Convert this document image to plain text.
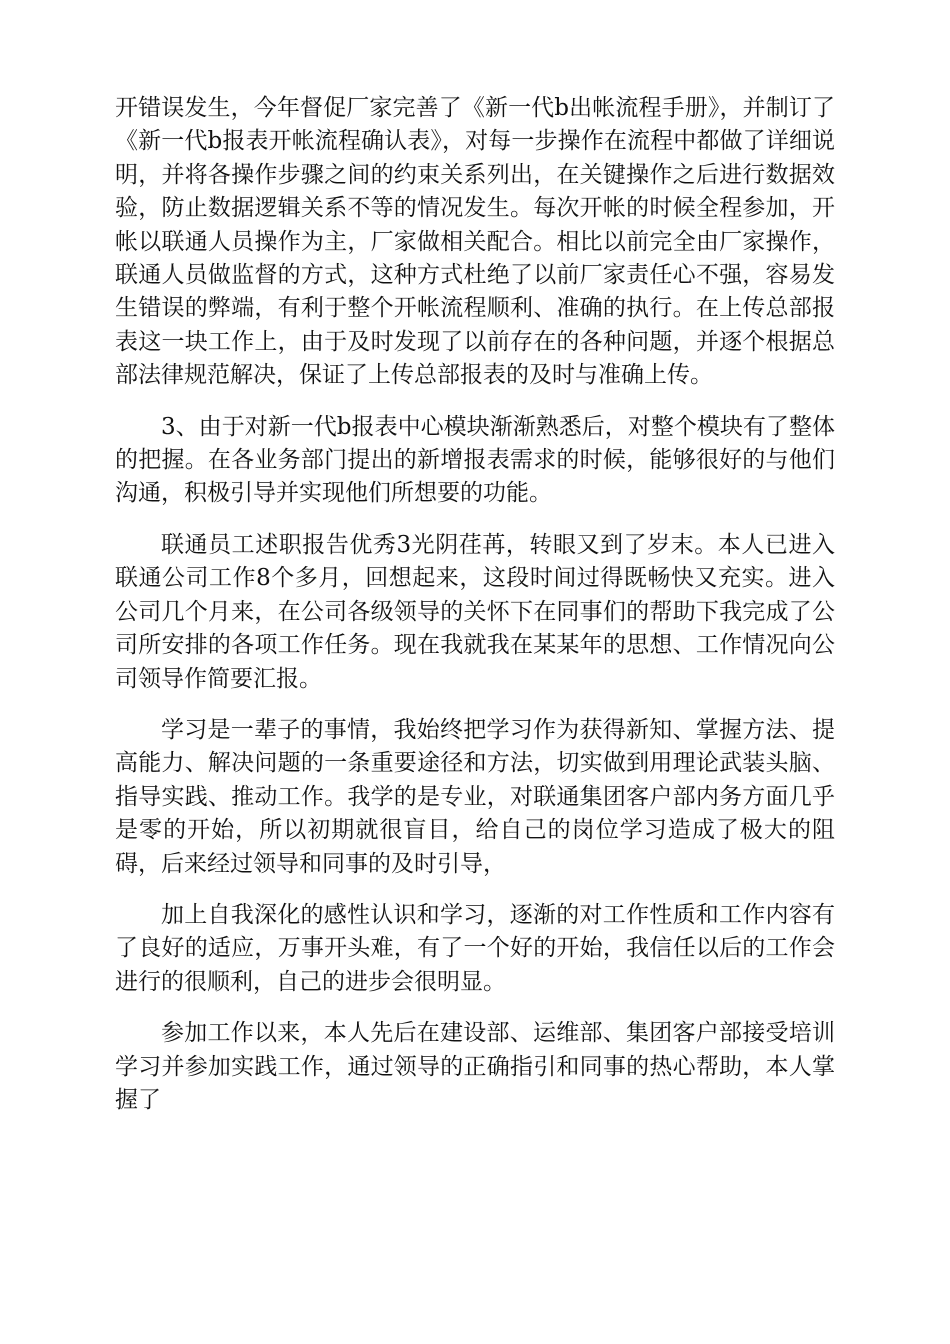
开错误发生，今年督促厂家完善了《新一代b出帐流程手册》，并制订了《新一代b报表开帐流程确认表》，对每一步操作在流程中都做了详细说明，并将各操作步骤之间的约束关系列出，在关键操作之后进行数据效验，防止数据逻辑关系不等的情况发生。每次开帐的时候全程参加，开帐以联通人员操作为主，厂家做相关配合。相比以前完全由厂家操作，联通人员做监督的方式，这种方式杜绝了以前厂家责任心不强，容易发生错误的弊端，有利于整个开帐流程顺利、准确的执行。在上传总部报表这一块工作上，由于及时发现了以前存在的各种问题，并逐个根据总部法律规范解决，保证了上传总部报表的及时与准确上传。

3、由于对新一代b报表中心模块渐渐熟悉后，对整个模块有了整体的把握。在各业务部门提出的新增报表需求的时候，能够很好的与他们沟通，积极引导并实现他们所想要的功能。

联通员工述职报告优秀3光阴荏苒，转眼又到了岁末。本人已进入联通公司工作8个多月，回想起来，这段时间过得既畅快又充实。进入公司几个月来，在公司各级领导的关怀下在同事们的帮助下我完成了公司所安排的各项工作任务。现在我就我在某某年的思想、工作情况向公司领导作简要汇报。

学习是一辈子的事情，我始终把学习作为获得新知、掌握方法、提高能力、解决问题的一条重要途径和方法，切实做到用理论武装头脑、指导实践、推动工作。我学的是专业，对联通集团客户部内务方面几乎是零的开始，所以初期就很盲目，给自己的岗位学习造成了极大的阻碍，后来经过领导和同事的及时引导，

加上自我深化的感性认识和学习，逐渐的对工作性质和工作内容有了良好的适应，万事开头难，有了一个好的开始，我信任以后的工作会进行的很顺利，自己的进步会很明显。

参加工作以来，本人先后在建设部、运维部、集团客户部接受培训学习并参加实践工作，通过领导的正确指引和同事的热心帮助，本人掌握了
